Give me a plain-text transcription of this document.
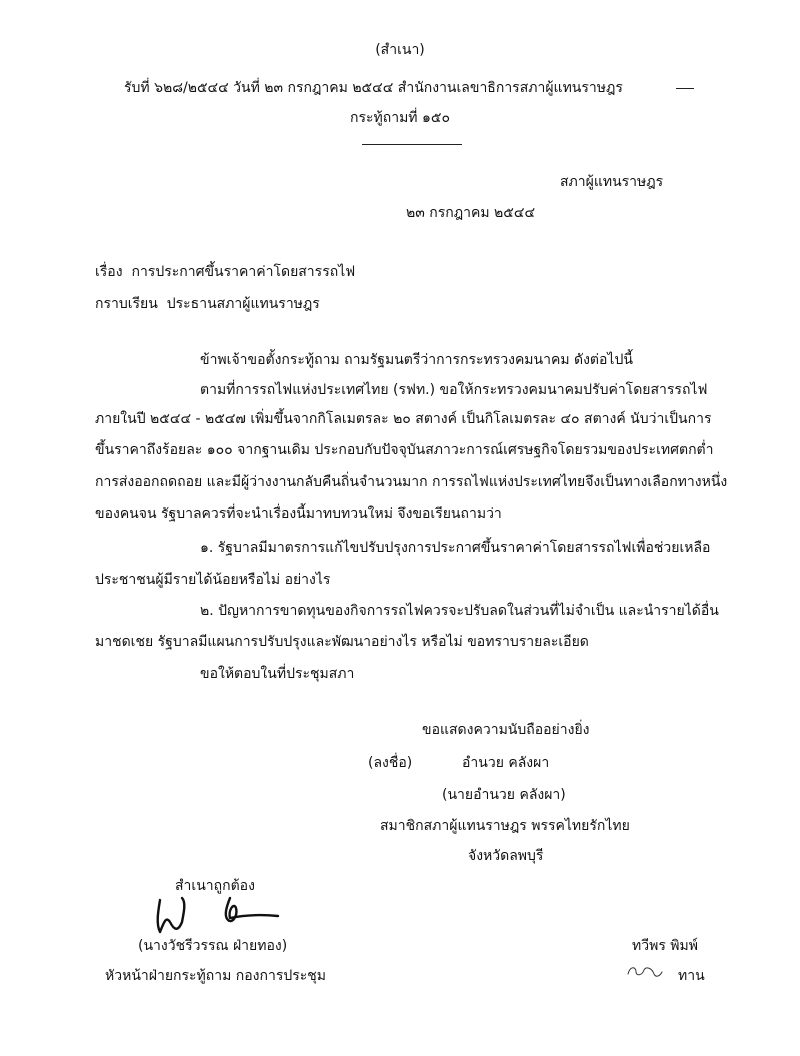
(สำเนา)
รับที่ ๖๒๘/๒๕๔๔ วันที่ ๒๓ กรกฎาคม ๒๕๔๔ สำนักงานเลขาธิการสภาผู้แทนราษฎร
กระทู้ถามที่ ๑๕๐
สภาผู้แทนราษฎร
๒๓ กรกฎาคม ๒๕๔๔
เรื่อง การประกาศขึ้นราคาค่าโดยสารรถไฟ
กราบเรียน ประธานสภาผู้แทนราษฎร
ข้าพเจ้าขอตั้งกระทู้ถาม ถามรัฐมนตรีว่าการกระทรวงคมนาคม ดังต่อไปนี้
ตามที่การรถไฟแห่งประเทศไทย (รฟท.) ขอให้กระทรวงคมนาคมปรับค่าโดยสารรถไฟ
ภายในปี ๒๕๔๔ - ๒๕๔๗ เพิ่มขึ้นจากกิโลเมตรละ ๒๐ สตางค์ เป็นกิโลเมตรละ ๔๐ สตางค์ นับว่าเป็นการ
ขึ้นราคาถึงร้อยละ ๑๐๐ จากฐานเดิม ประกอบกับปัจจุบันสภาวะการณ์เศรษฐกิจโดยรวมของประเทศตกต่ำ
การส่งออกถดถอย และมีผู้ว่างงานกลับคืนถิ่นจำนวนมาก การรถไฟแห่งประเทศไทยจึงเป็นทางเลือกทางหนึ่ง
ของคนจน รัฐบาลควรที่จะนำเรื่องนี้มาทบทวนใหม่ จึงขอเรียนถามว่า
๑. รัฐบาลมีมาตรการแก้ไขปรับปรุงการประกาศขึ้นราคาค่าโดยสารรถไฟเพื่อช่วยเหลือ
ประชาชนผู้มีรายได้น้อยหรือไม่ อย่างไร
๒. ปัญหาการขาดทุนของกิจการรถไฟควรจะปรับลดในส่วนที่ไม่จำเป็น และนำรายได้อื่น
มาชดเชย รัฐบาลมีแผนการปรับปรุงและพัฒนาอย่างไร หรือไม่ ขอทราบรายละเอียด
ขอให้ตอบในที่ประชุมสภา
ขอแสดงความนับถืออย่างยิ่ง
(ลงชื่อ)	อำนวย คลังผา
(นายอำนวย คลังผา)
สมาชิกสภาผู้แทนราษฎร พรรคไทยรักไทย
จังหวัดลพบุรี
สำเนาถูกต้อง
(นางวัชรีวรรณ ฝ่ายทอง)
หัวหน้าฝ่ายกระทู้ถาม กองการประชุม
ทวีพร พิมพ์
ทาน
